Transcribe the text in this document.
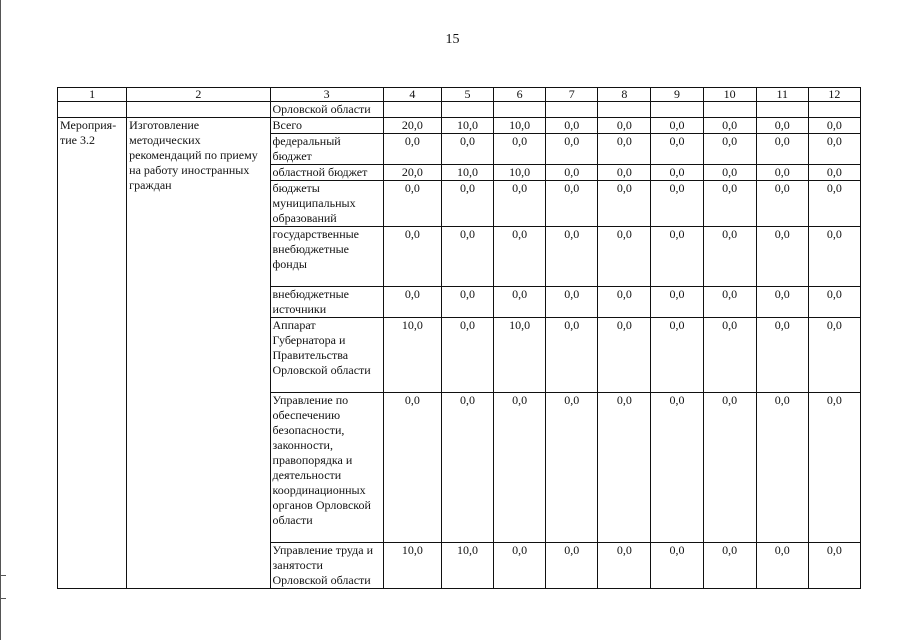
15
1	2	3	4	5	6	7	8	9	10	11	12
		Орловской области									
Мероприя-тие 3.2	Изготовление методических рекомендаций по приему на работу иностранных граждан	Всего	20,0	10,0	10,0	0,0	0,0	0,0	0,0	0,0	0,0
		федеральный бюджет	0,0	0,0	0,0	0,0	0,0	0,0	0,0	0,0	0,0
		областной бюджет	20,0	10,0	10,0	0,0	0,0	0,0	0,0	0,0	0,0
		бюджеты муниципальных образований	0,0	0,0	0,0	0,0	0,0	0,0	0,0	0,0	0,0
		государственные внебюджетные фонды	0,0	0,0	0,0	0,0	0,0	0,0	0,0	0,0	0,0
		внебюджетные источники	0,0	0,0	0,0	0,0	0,0	0,0	0,0	0,0	0,0
		Аппарат Губернатора и Правительства Орловской области	10,0	0,0	10,0	0,0	0,0	0,0	0,0	0,0	0,0
		Управление по обеспечению безопасности, законности, правопорядка и деятельности координационных органов Орловской области	0,0	0,0	0,0	0,0	0,0	0,0	0,0	0,0	0,0
		Управление труда и занятости Орловской области	10,0	10,0	0,0	0,0	0,0	0,0	0,0	0,0	0,0
